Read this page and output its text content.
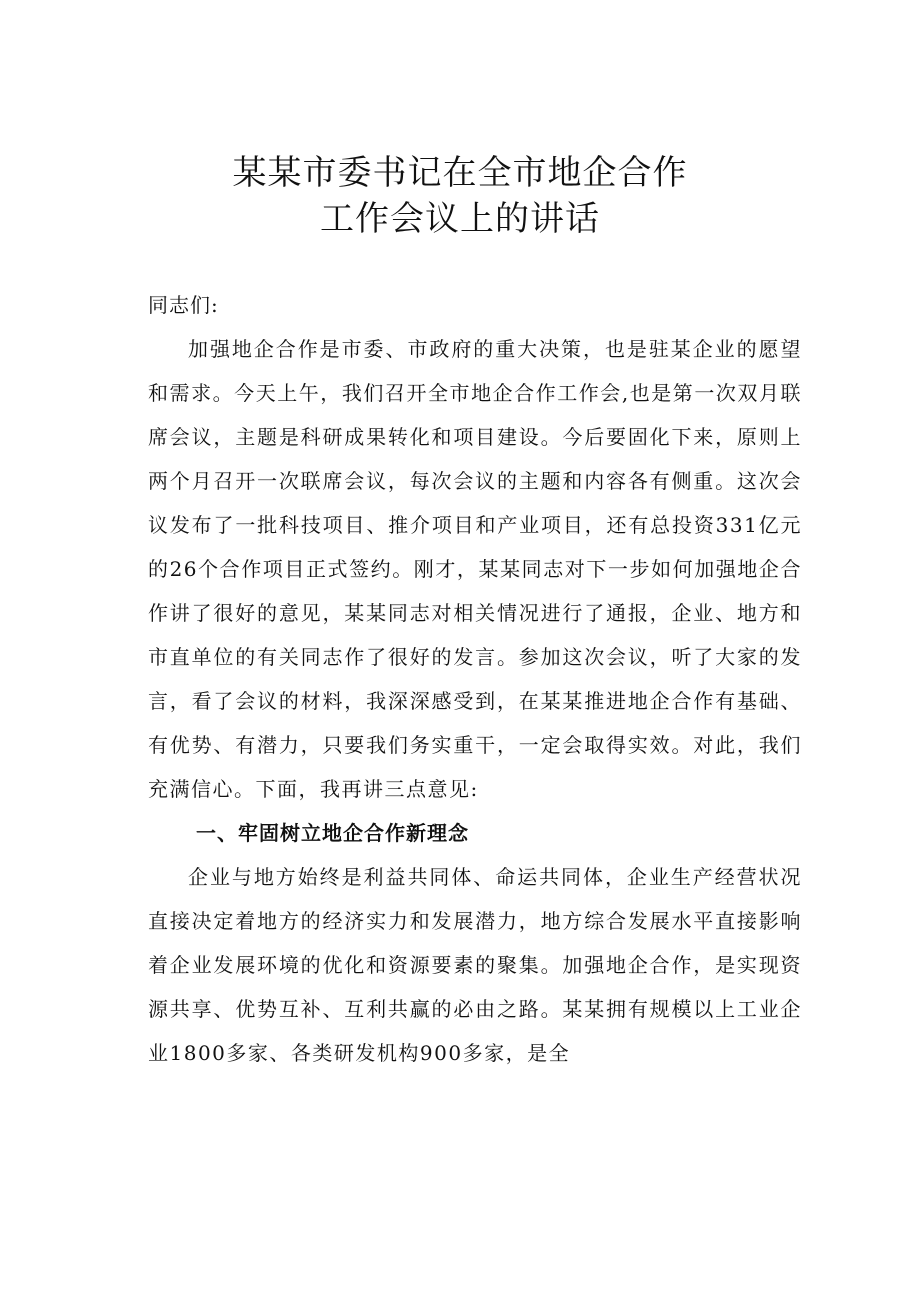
某某市委书记在全市地企合作
工作会议上的讲话
同志们:

加强地企合作是市委、市政府的重大决策，也是驻某企业的愿望和需求。今天上午，我们召开全市地企合作工作会,也是第一次双月联席会议，主题是科研成果转化和项目建设。今后要固化下来，原则上两个月召开一次联席会议，每次会议的主题和内容各有侧重。这次会议发布了一批科技项目、推介项目和产业项目，还有总投资331亿元的26个合作项目正式签约。刚才，某某同志对下一步如何加强地企合作讲了很好的意见，某某同志对相关情况进行了通报，企业、地方和市直单位的有关同志作了很好的发言。参加这次会议，听了大家的发言，看了会议的材料，我深深感受到，在某某推进地企合作有基础、有优势、有潜力，只要我们务实重干，一定会取得实效。对此，我们充满信心。下面，我再讲三点意见:

一、牢固树立地企合作新理念

企业与地方始终是利益共同体、命运共同体，企业生产经营状况直接决定着地方的经济实力和发展潜力，地方综合发展水平直接影响着企业发展环境的优化和资源要素的聚集。加强地企合作，是实现资源共享、优势互补、互利共赢的必由之路。某某拥有规模以上工业企业1800多家、各类研发机构900多家，是全
